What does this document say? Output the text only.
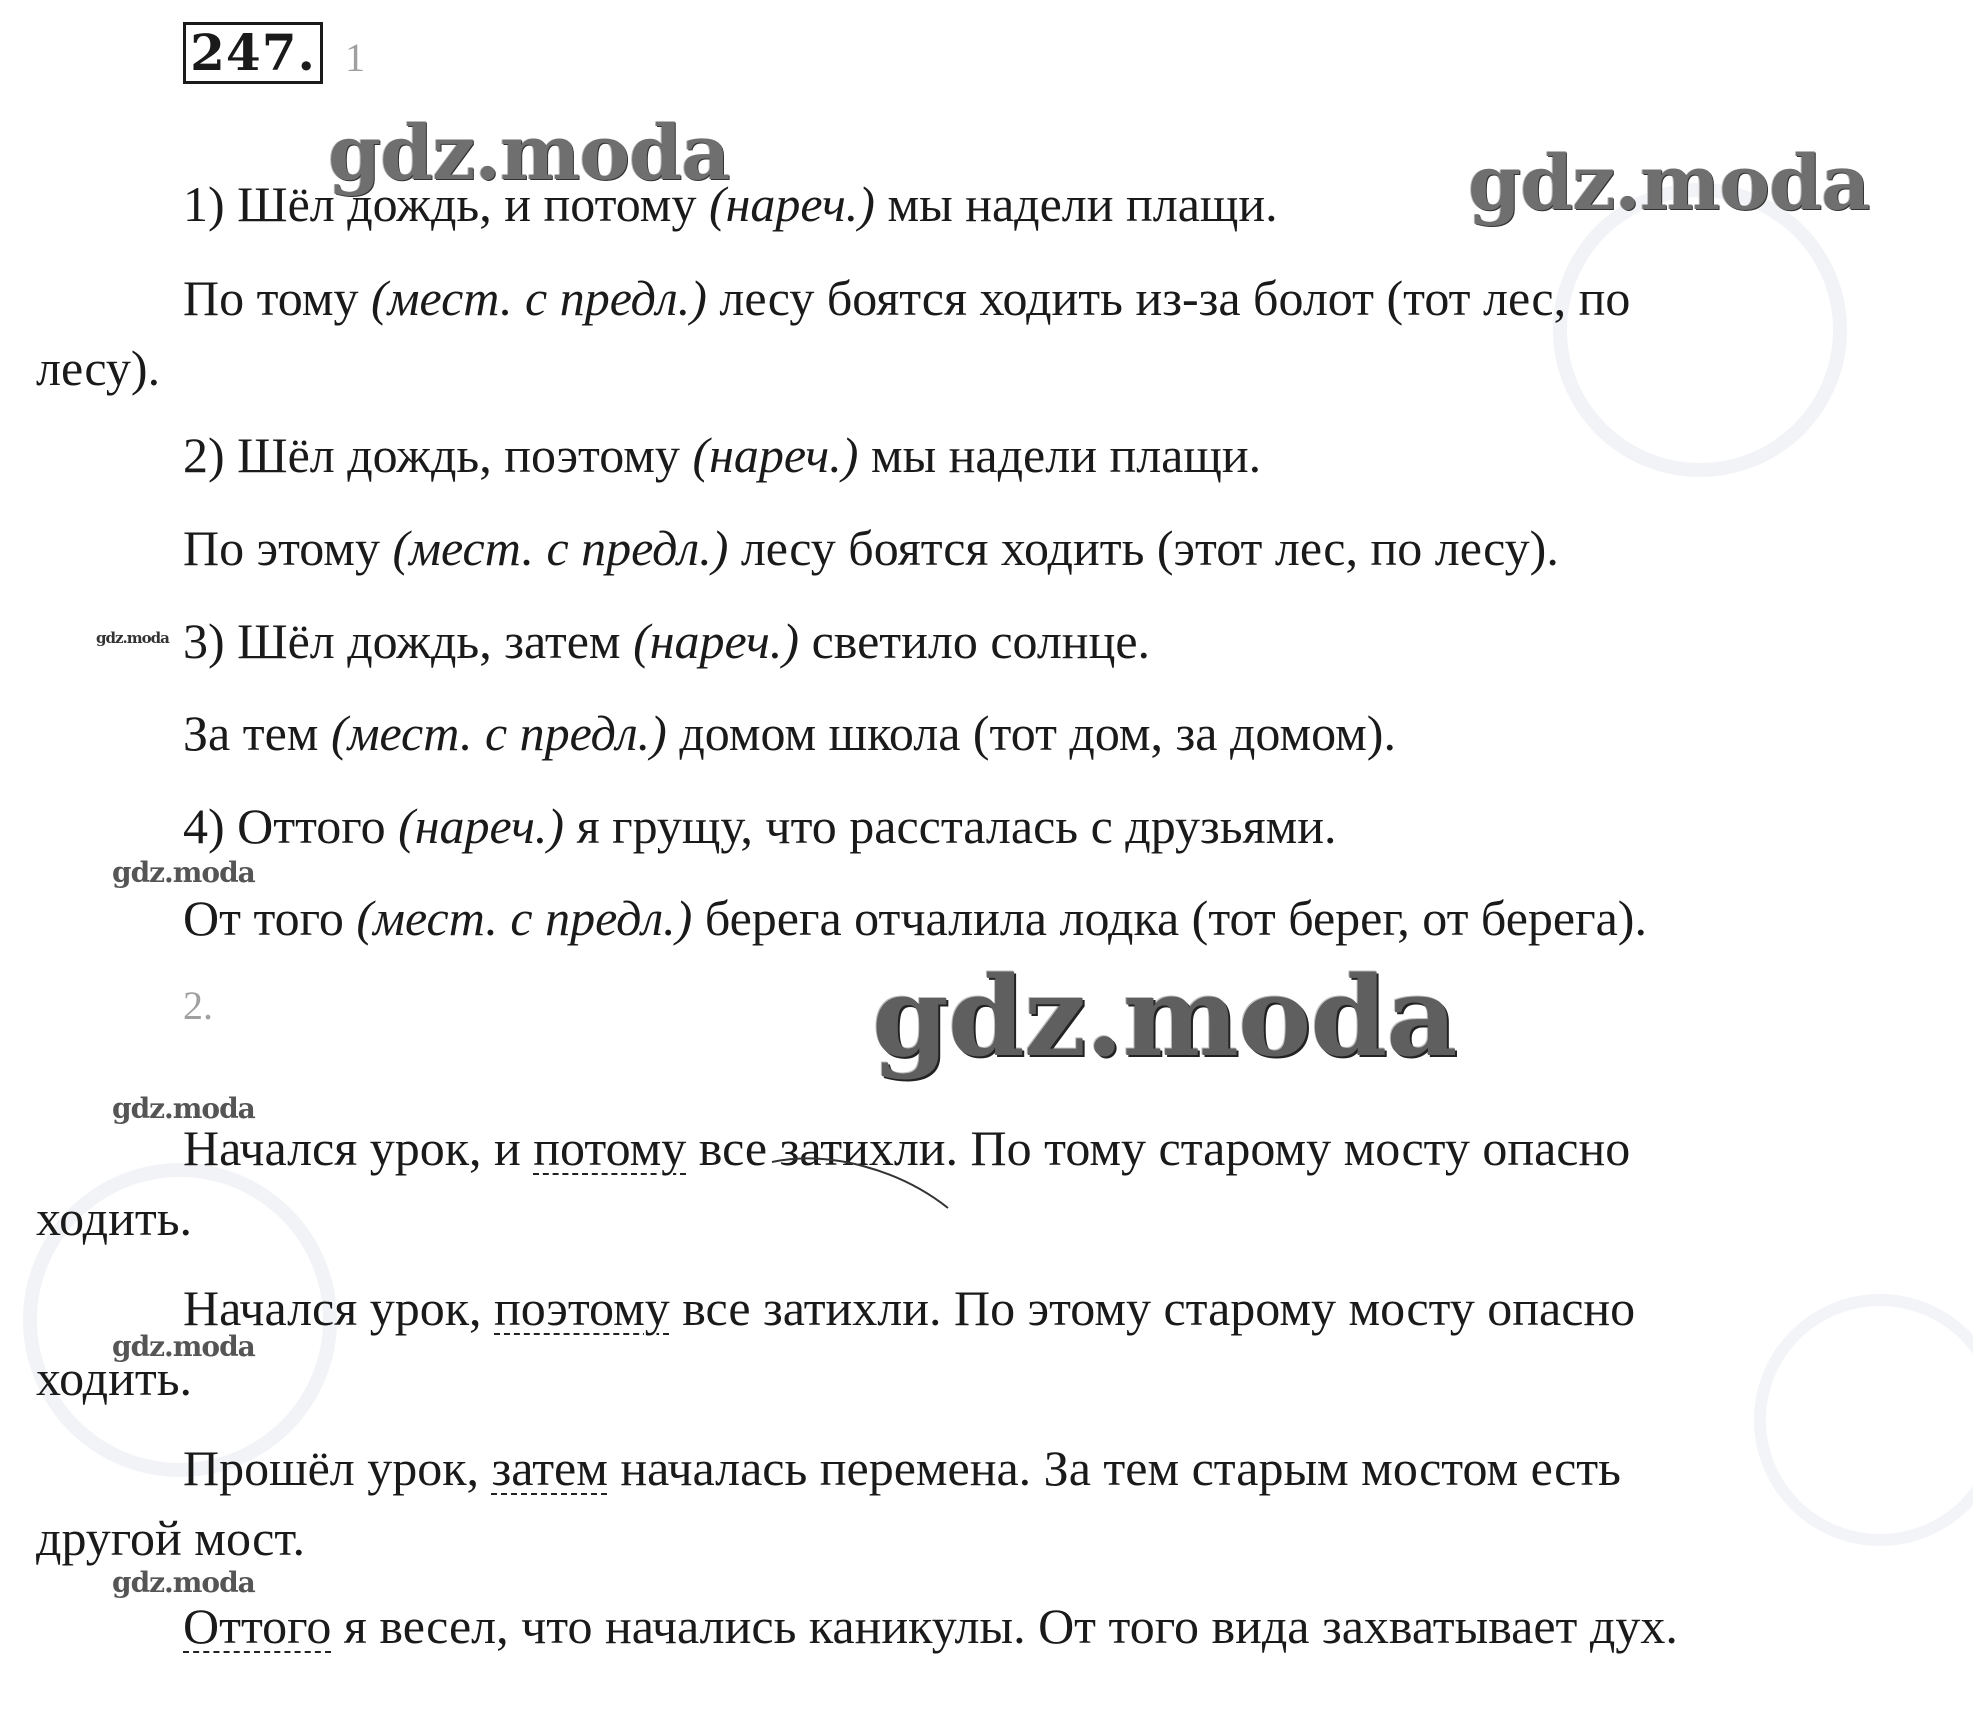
247. 1
gdz.moda	gdz.moda
gdz.moda
gdz.moda
gdz.moda
gdz.moda
gdz.moda
gdz.moda
1) Шёл дождь, и потому (нареч.) мы надели плащи.
По тому (мест. с предл.) лесу боятся ходить из-за болот (тот лес, по
лесу).
2) Шёл дождь, поэтому (нареч.) мы надели плащи.
По этому (мест. с предл.) лесу боятся ходить (этот лес, по лесу).
3) Шёл дождь, затем (нареч.) светило солнце.
За тем (мест. с предл.) домом школа (тот дом, за домом).
4) Оттого (нареч.) я грущу, что рассталась с друзьями.
От того (мест. с предл.) берега отчалила лодка (тот берег, от берега).
2.
Начался урок, и потому все затихли. По тому старому мосту опасно
ходить.
Начался урок, поэтому все затихли. По этому старому мосту опасно
ходить.
Прошёл урок, затем началась перемена. За тем старым мостом есть
другой мост.
Оттого я весел, что начались каникулы. От того вида захватывает дух.
